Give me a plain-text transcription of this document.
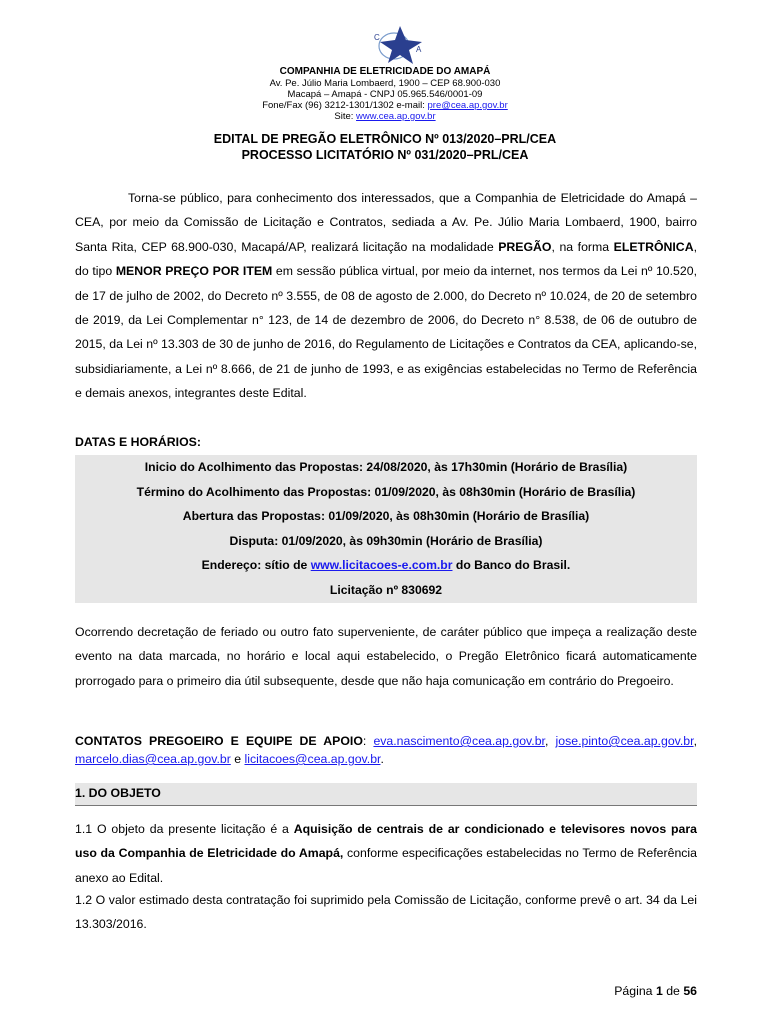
C
A
COMPANHIA DE ELETRICIDADE DO AMAPÁ
Av. Pe. Júlio Maria Lombaerd, 1900 – CEP 68.900-030
Macapá – Amapá - CNPJ 05.965.546/0001-09
Fone/Fax (96) 3212-1301/1302 e-mail: pre@cea.ap.gov.br
Site: www.cea.ap.gov.br
EDITAL DE PREGÃO ELETRÔNICO Nº 013/2020–PRL/CEA
PROCESSO LICITATÓRIO Nº 031/2020–PRL/CEA
Torna-se público, para conhecimento dos interessados, que a Companhia de Eletricidade do Amapá – CEA, por meio da Comissão de Licitação e Contratos, sediada a Av. Pe. Júlio Maria Lombaerd, 1900, bairro Santa Rita, CEP 68.900-030, Macapá/AP, realizará licitação na modalidade PREGÃO, na forma ELETRÔNICA, do tipo MENOR PREÇO POR ITEM em sessão pública virtual, por meio da internet, nos termos da Lei nº 10.520, de 17 de julho de 2002, do Decreto nº 3.555, de 08 de agosto de 2.000, do Decreto nº 10.024, de 20 de setembro de 2019, da Lei Complementar n° 123, de 14 de dezembro de 2006, do Decreto n° 8.538, de 06 de outubro de 2015, da Lei nº 13.303 de 30 de junho de 2016, do Regulamento de Licitações e Contratos da CEA, aplicando-se, subsidiariamente, a Lei nº 8.666, de 21 de junho de 1993, e as exigências estabelecidas no Termo de Referência e demais anexos, integrantes deste Edital.
DATAS E HORÁRIOS:
Inicio do Acolhimento das Propostas: 24/08/2020, às 17h30min (Horário de Brasília)
Término do Acolhimento das Propostas: 01/09/2020, às 08h30min (Horário de Brasília)
Abertura das Propostas: 01/09/2020, às 08h30min (Horário de Brasília)
Disputa: 01/09/2020, às 09h30min (Horário de Brasília)
Endereço: sítio de www.licitacoes-e.com.br do Banco do Brasil.
Licitação nº 830692
Ocorrendo decretação de feriado ou outro fato superveniente, de caráter público que impeça a realização deste evento na data marcada, no horário e local aqui estabelecido, o Pregão Eletrônico ficará automaticamente prorrogado para o primeiro dia útil subsequente, desde que não haja comunicação em contrário do Pregoeiro.
CONTATOS PREGOEIRO E EQUIPE DE APOIO: eva.nascimento@cea.ap.gov.br, jose.pinto@cea.ap.gov.br, marcelo.dias@cea.ap.gov.br e licitacoes@cea.ap.gov.br.
1. DO OBJETO
1.1 O objeto da presente licitação é a Aquisição de centrais de ar condicionado e televisores novos para uso da Companhia de Eletricidade do Amapá, conforme especificações estabelecidas no Termo de Referência anexo ao Edital.
1.2 O valor estimado desta contratação foi suprimido pela Comissão de Licitação, conforme prevê o art. 34 da Lei 13.303/2016.
Página 1 de 56
